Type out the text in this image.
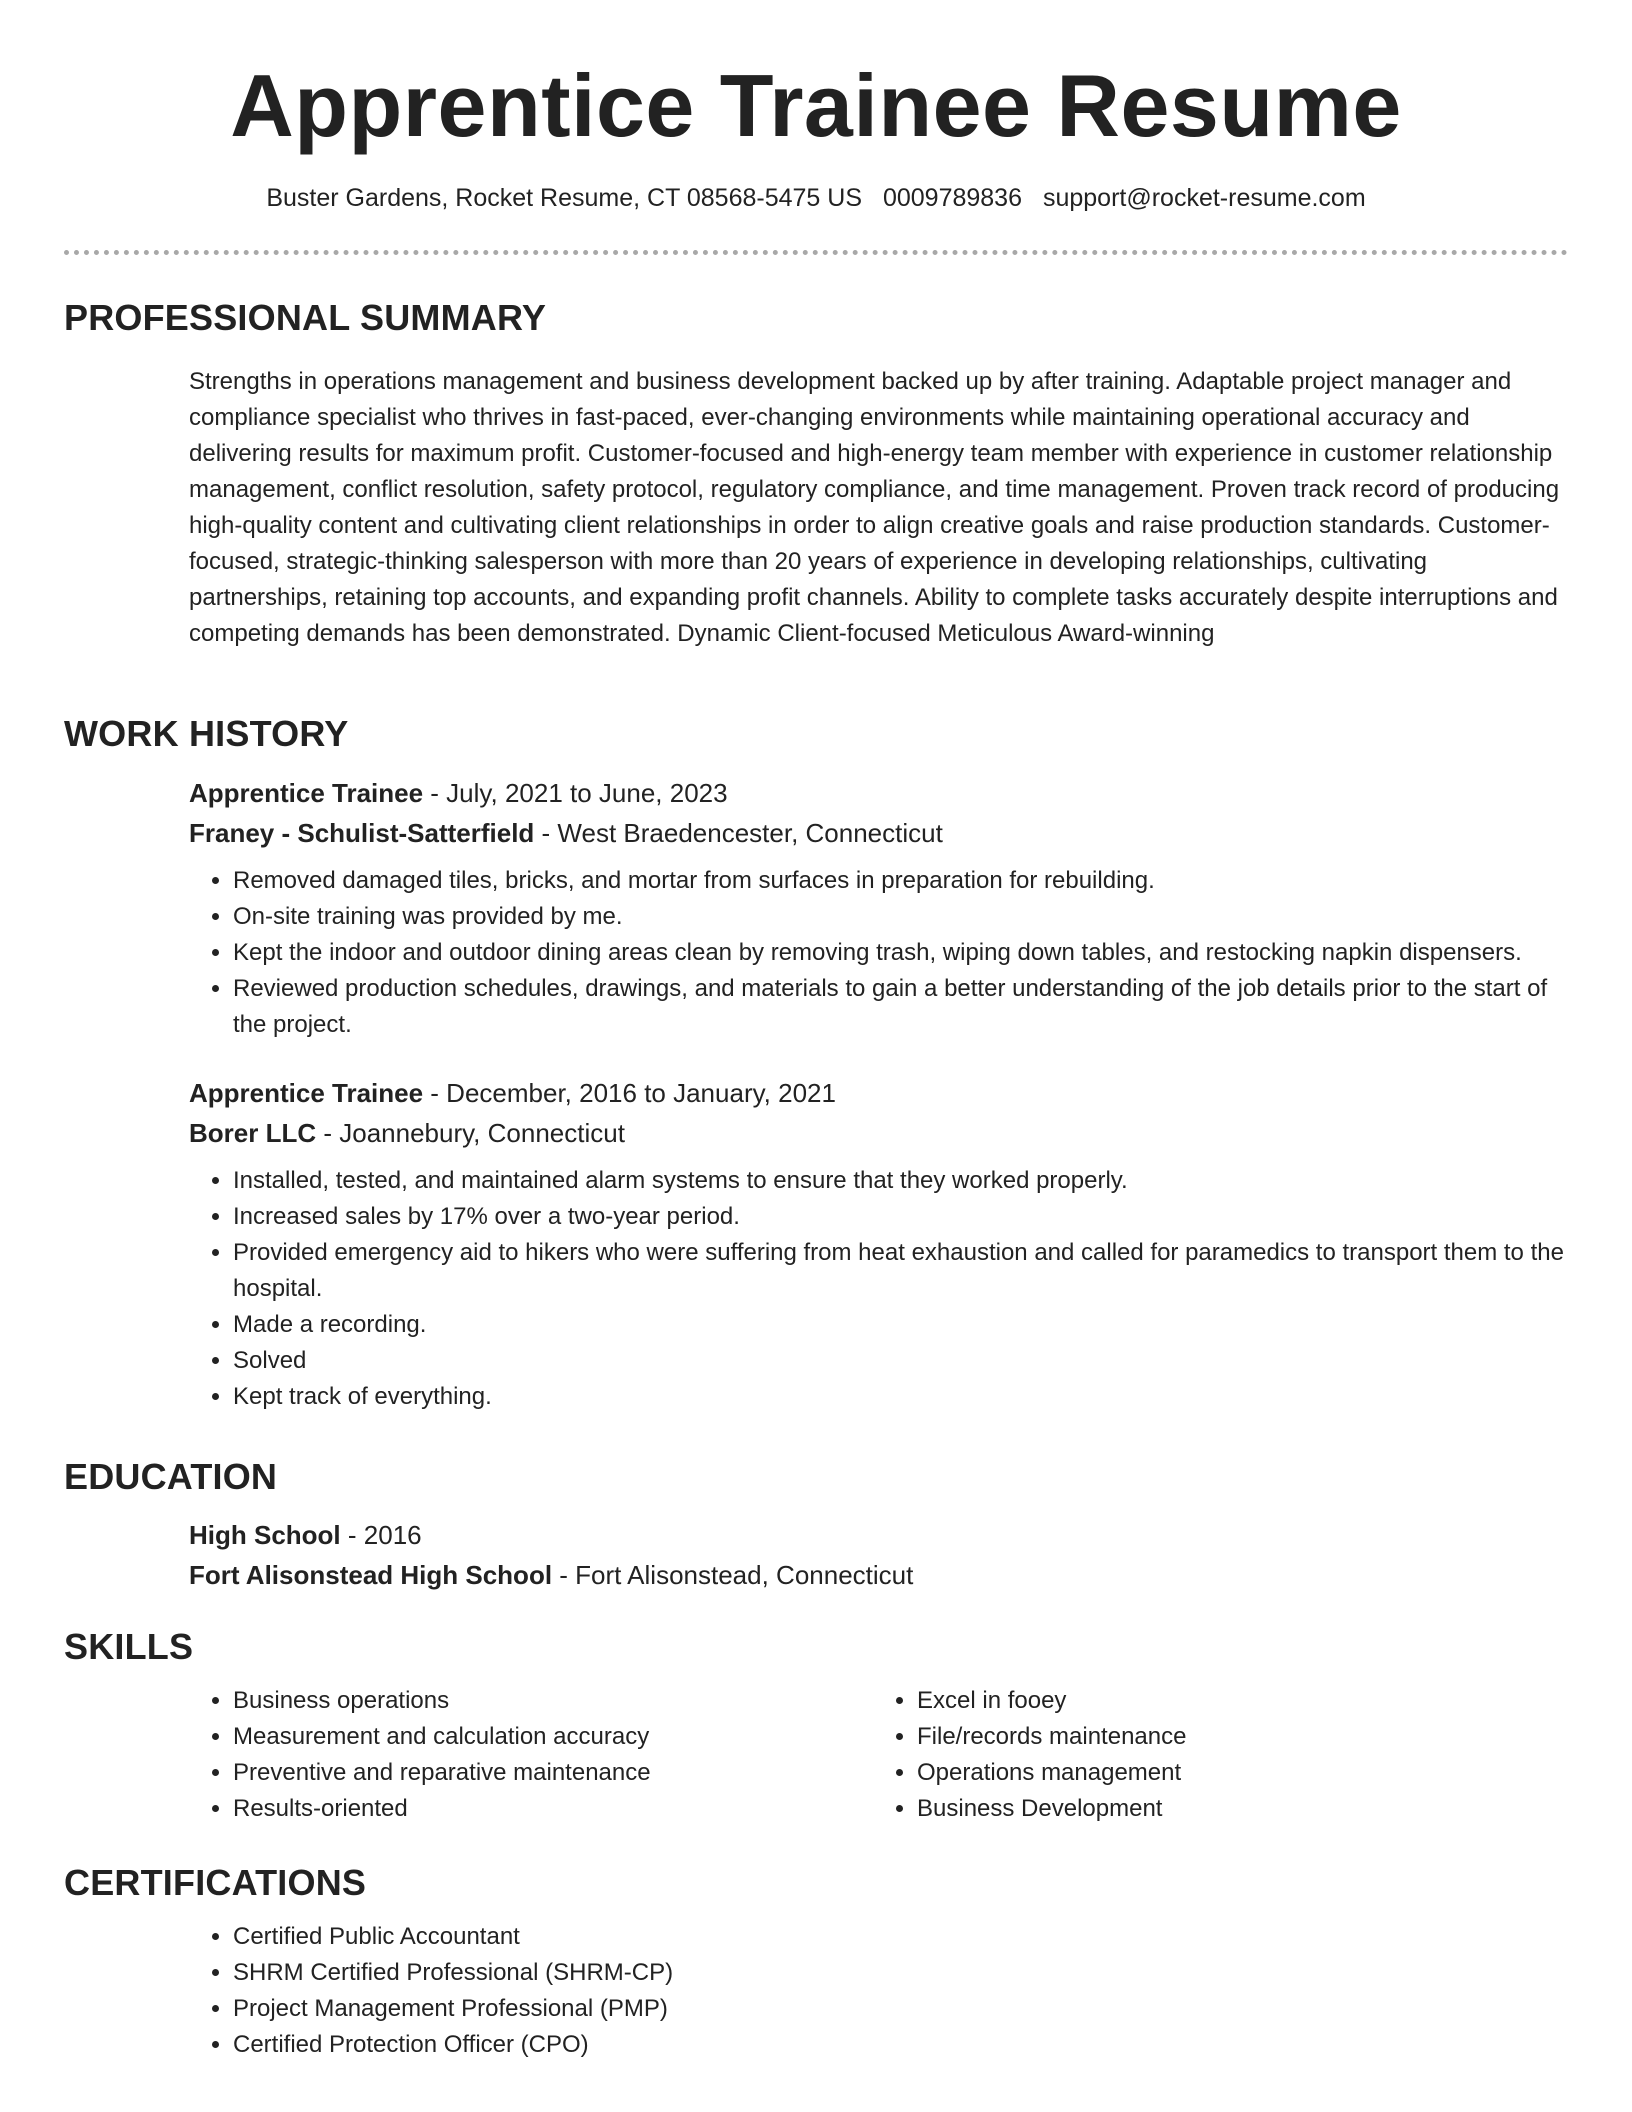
Apprentice Trainee Resume
Buster Gardens, Rocket Resume, CT 08568-5475 US 0009789836 support@rocket-resume.com
PROFESSIONAL SUMMARY

Strengths in operations management and business development backed up by after training. Adaptable project manager and compliance specialist who thrives in fast-paced, ever-changing environments while maintaining operational accuracy and delivering results for maximum profit. Customer-focused and high-energy team member with experience in customer relationship management, conflict resolution, safety protocol, regulatory compliance, and time management. Proven track record of producing high-quality content and cultivating client relationships in order to align creative goals and raise production standards. Customer-focused, strategic-thinking salesperson with more than 20 years of experience in developing relationships, cultivating partnerships, retaining top accounts, and expanding profit channels. Ability to complete tasks accurately despite interruptions and competing demands has been demonstrated. Dynamic Client-focused Meticulous Award-winning

WORK HISTORY

Apprentice Trainee - July, 2021 to June, 2023

Franey - Schulist-Satterfield - West Braedencester, Connecticut

• Removed damaged tiles, bricks, and mortar from surfaces in preparation for rebuilding.
• On-site training was provided by me.
• Kept the indoor and outdoor dining areas clean by removing trash, wiping down tables, and restocking napkin dispensers.
• Reviewed production schedules, drawings, and materials to gain a better understanding of the job details prior to the start of the project.

Apprentice Trainee - December, 2016 to January, 2021

Borer LLC - Joannebury, Connecticut

• Installed, tested, and maintained alarm systems to ensure that they worked properly.
• Increased sales by 17% over a two-year period.
• Provided emergency aid to hikers who were suffering from heat exhaustion and called for paramedics to transport them to the hospital.
• Made a recording.
• Solved
• Kept track of everything.
EDUCATION

High School - 2016

Fort Alisonstead High School - Fort Alisonstead, Connecticut

SKILLS
• Business operations
• Measurement and calculation accuracy
• Preventive and reparative maintenance
• Results-oriented
• Excel in fooey
• File/records maintenance
• Operations management
• Business Development
CERTIFICATIONS
• Certified Public Accountant
• SHRM Certified Professional (SHRM-CP)
• Project Management Professional (PMP)
• Certified Protection Officer (CPO)
